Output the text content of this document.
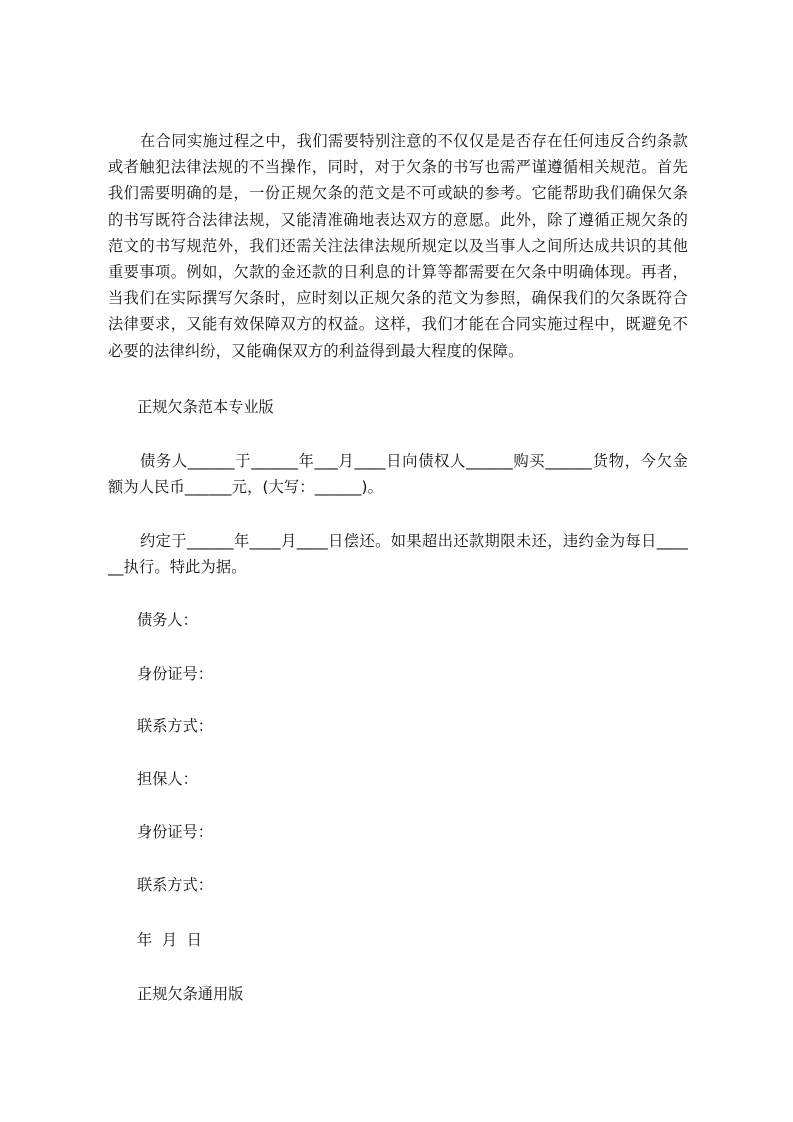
在合同实施过程之中，我们需要特别注意的不仅仅是是否存在任何违反合约条款或者触犯法律法规的不当操作，同时，对于欠条的书写也需严谨遵循相关规范。首先我们需要明确的是，一份正规欠条的范文是不可或缺的参考。它能帮助我们确保欠条的书写既符合法律法规，又能清准确地表达双方的意愿。此外，除了遵循正规欠条的范文的书写规范外，我们还需关注法律法规所规定以及当事人之间所达成共识的其他重要事项。例如，欠款的金还款的日利息的计算等都需要在欠条中明确体现。再者，当我们在实际撰写欠条时，应时刻以正规欠条的范文为参照，确保我们的欠条既符合法律要求，又能有效保障双方的权益。这样，我们才能在合同实施过程中，既避免不必要的法律纠纷，又能确保双方的利益得到最大程度的保障。

正规欠条范本专业版

债务人______于______年___月____日向债权人______购买______货物，今欠金额为人民币______元，(大写：______)。

约定于______年____月____日偿还。如果超出还款期限未还，违约金为每日______执行。特此为据。

债务人：

身份证号：

联系方式：

担保人：

身份证号：

联系方式：

年  月  日

正规欠条通用版
